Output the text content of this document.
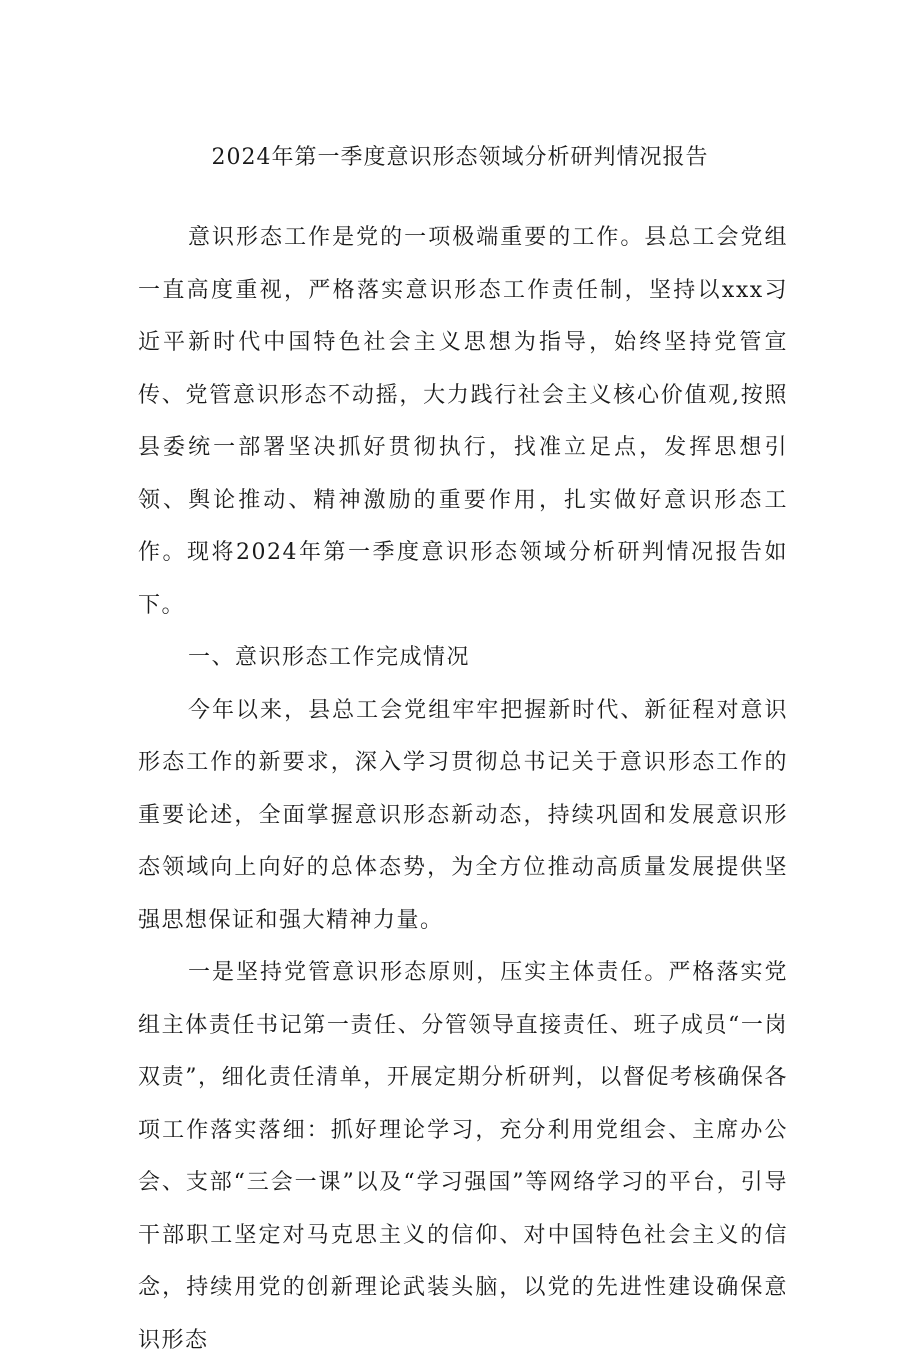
2024年第一季度意识形态领域分析研判情况报告

意识形态工作是党的一项极端重要的工作。县总工会党组一直高度重视，严格落实意识形态工作责任制，坚持以xxx习近平新时代中国特色社会主义思想为指导，始终坚持党管宣传、党管意识形态不动摇，大力践行社会主义核心价值观,按照县委统一部署坚决抓好贯彻执行，找准立足点，发挥思想引领、舆论推动、精神激励的重要作用，扎实做好意识形态工作。现将2024年第一季度意识形态领域分析研判情况报告如下。

一、意识形态工作完成情况

今年以来，县总工会党组牢牢把握新时代、新征程对意识形态工作的新要求，深入学习贯彻总书记关于意识形态工作的重要论述，全面掌握意识形态新动态，持续巩固和发展意识形态领域向上向好的总体态势，为全方位推动高质量发展提供坚强思想保证和强大精神力量。

一是坚持党管意识形态原则，压实主体责任。严格落实党组主体责任书记第一责任、分管领导直接责任、班子成员“一岗双责”，细化责任清单，开展定期分析研判，以督促考核确保各项工作落实落细：抓好理论学习，充分利用党组会、主席办公会、支部“三会一课”以及“学习强国”等网络学习的平台，引导干部职工坚定对马克思主义的信仰、对中国特色社会主义的信念，持续用党的创新理论武装头脑，以党的先进性建设确保意识形态
